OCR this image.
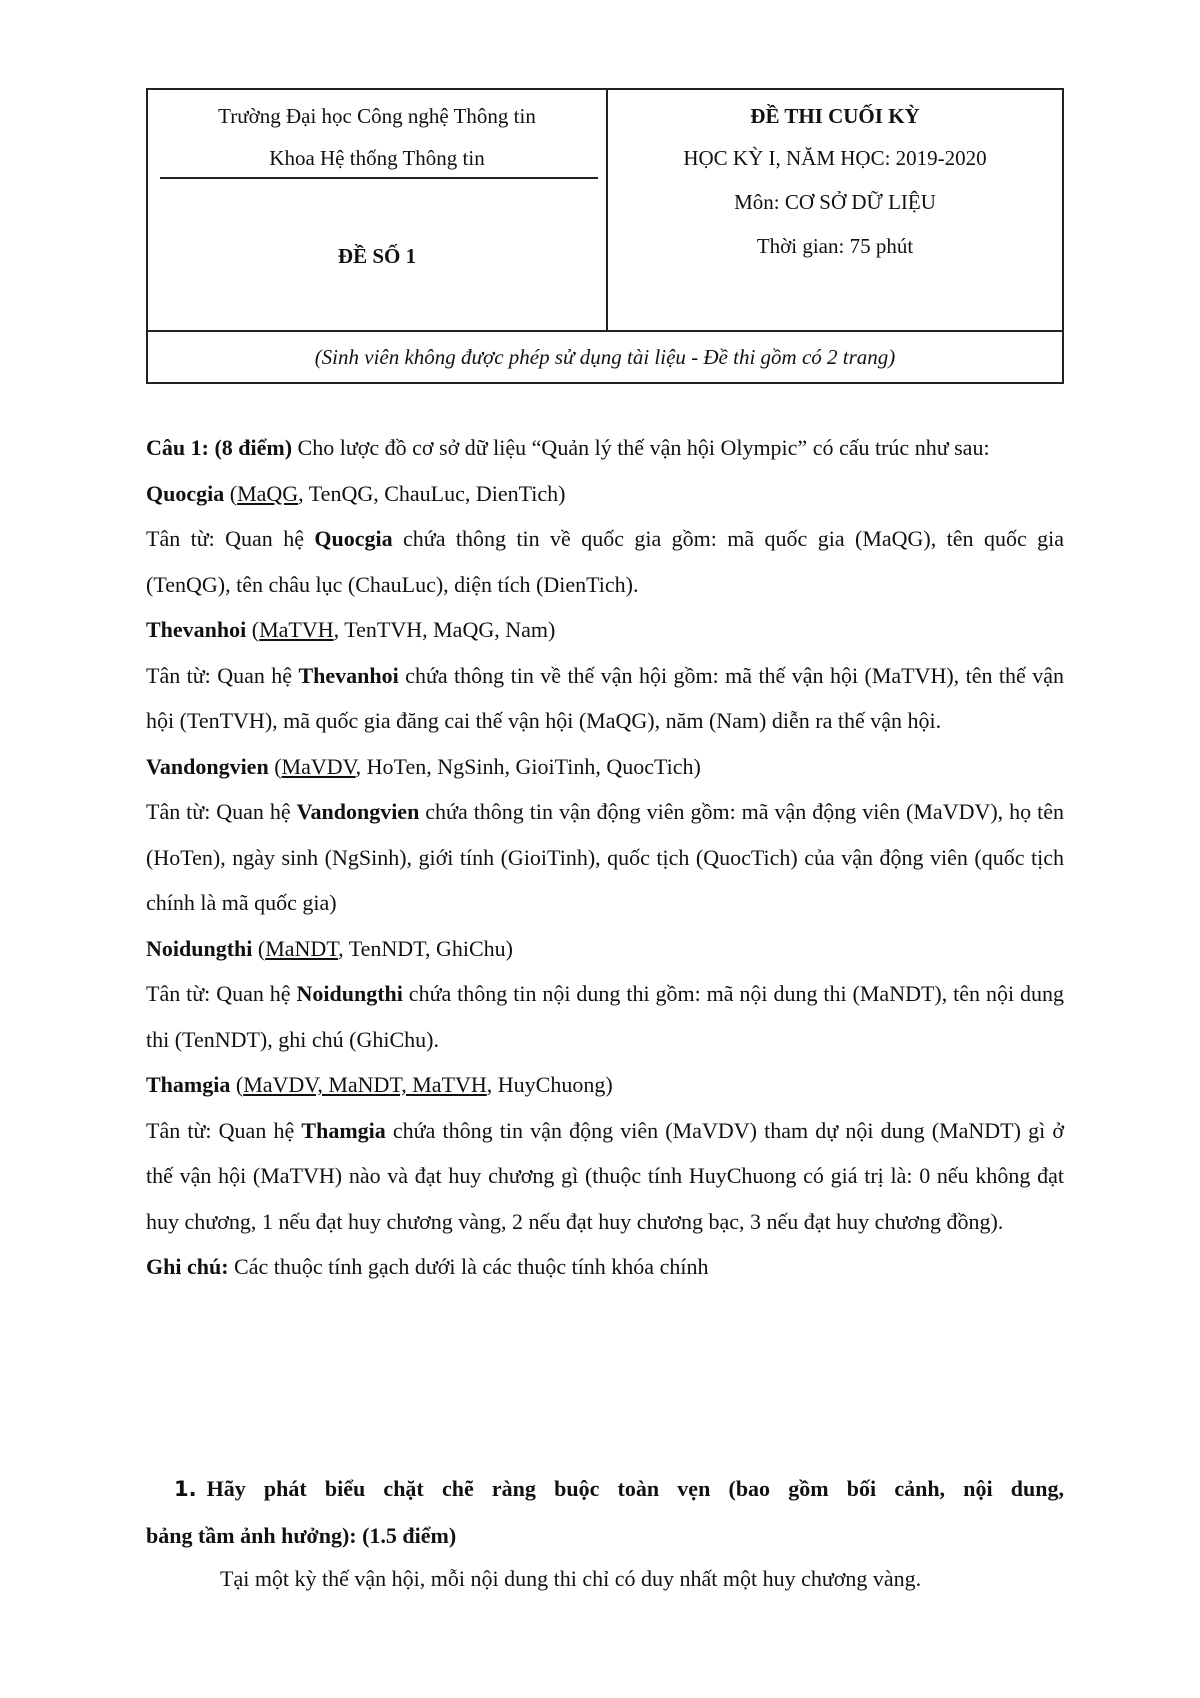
Trường Đại học Công nghệ Thông tin
Khoa Hệ thống Thông tin
ĐỀ SỐ 1
ĐỀ THI CUỐI KỲ
HỌC KỲ I, NĂM HỌC: 2019-2020
Môn: CƠ SỞ DỮ LIỆU
Thời gian: 75 phút
(Sinh viên không được phép sử dụng tài liệu - Đề thi gồm có 2 trang)

Câu 1: (8 điểm) Cho lược đồ cơ sở dữ liệu “Quản lý thế vận hội Olympic” có cấu trúc như sau:

Quocgia (MaQG, TenQG, ChauLuc, DienTich)

Tân từ: Quan hệ Quocgia chứa thông tin về quốc gia gồm: mã quốc gia (MaQG), tên quốc gia (TenQG), tên châu lục (ChauLuc), diện tích (DienTich).

Thevanhoi (MaTVH, TenTVH, MaQG, Nam)

Tân từ: Quan hệ Thevanhoi chứa thông tin về thế vận hội gồm: mã thế vận hội (MaTVH), tên thế vận hội (TenTVH), mã quốc gia đăng cai thế vận hội (MaQG), năm (Nam) diễn ra thế vận hội.

Vandongvien (MaVDV, HoTen, NgSinh, GioiTinh, QuocTich)

Tân từ: Quan hệ Vandongvien chứa thông tin vận động viên gồm: mã vận động viên (MaVDV), họ tên (HoTen), ngày sinh (NgSinh), giới tính (GioiTinh), quốc tịch (QuocTich) của vận động viên (quốc tịch chính là mã quốc gia)

Noidungthi (MaNDT, TenNDT, GhiChu)

Tân từ: Quan hệ Noidungthi chứa thông tin nội dung thi gồm: mã nội dung thi (MaNDT), tên nội dung thi (TenNDT), ghi chú (GhiChu).

Thamgia (MaVDV, MaNDT, MaTVH, HuyChuong)

Tân từ: Quan hệ Thamgia chứa thông tin vận động viên (MaVDV) tham dự nội dung (MaNDT) gì ở thế vận hội (MaTVH) nào và đạt huy chương gì (thuộc tính HuyChuong có giá trị là: 0 nếu không đạt huy chương, 1 nếu đạt huy chương vàng, 2 nếu đạt huy chương bạc, 3 nếu đạt huy chương đồng).

Ghi chú: Các thuộc tính gạch dưới là các thuộc tính khóa chính

1. Hãy phát biểu chặt chẽ ràng buộc toàn vẹn (bao gồm bối cảnh, nội dung,

bảng tầm ảnh hưởng): (1.5 điểm)

Tại một kỳ thế vận hội, mỗi nội dung thi chỉ có duy nhất một huy chương vàng.
